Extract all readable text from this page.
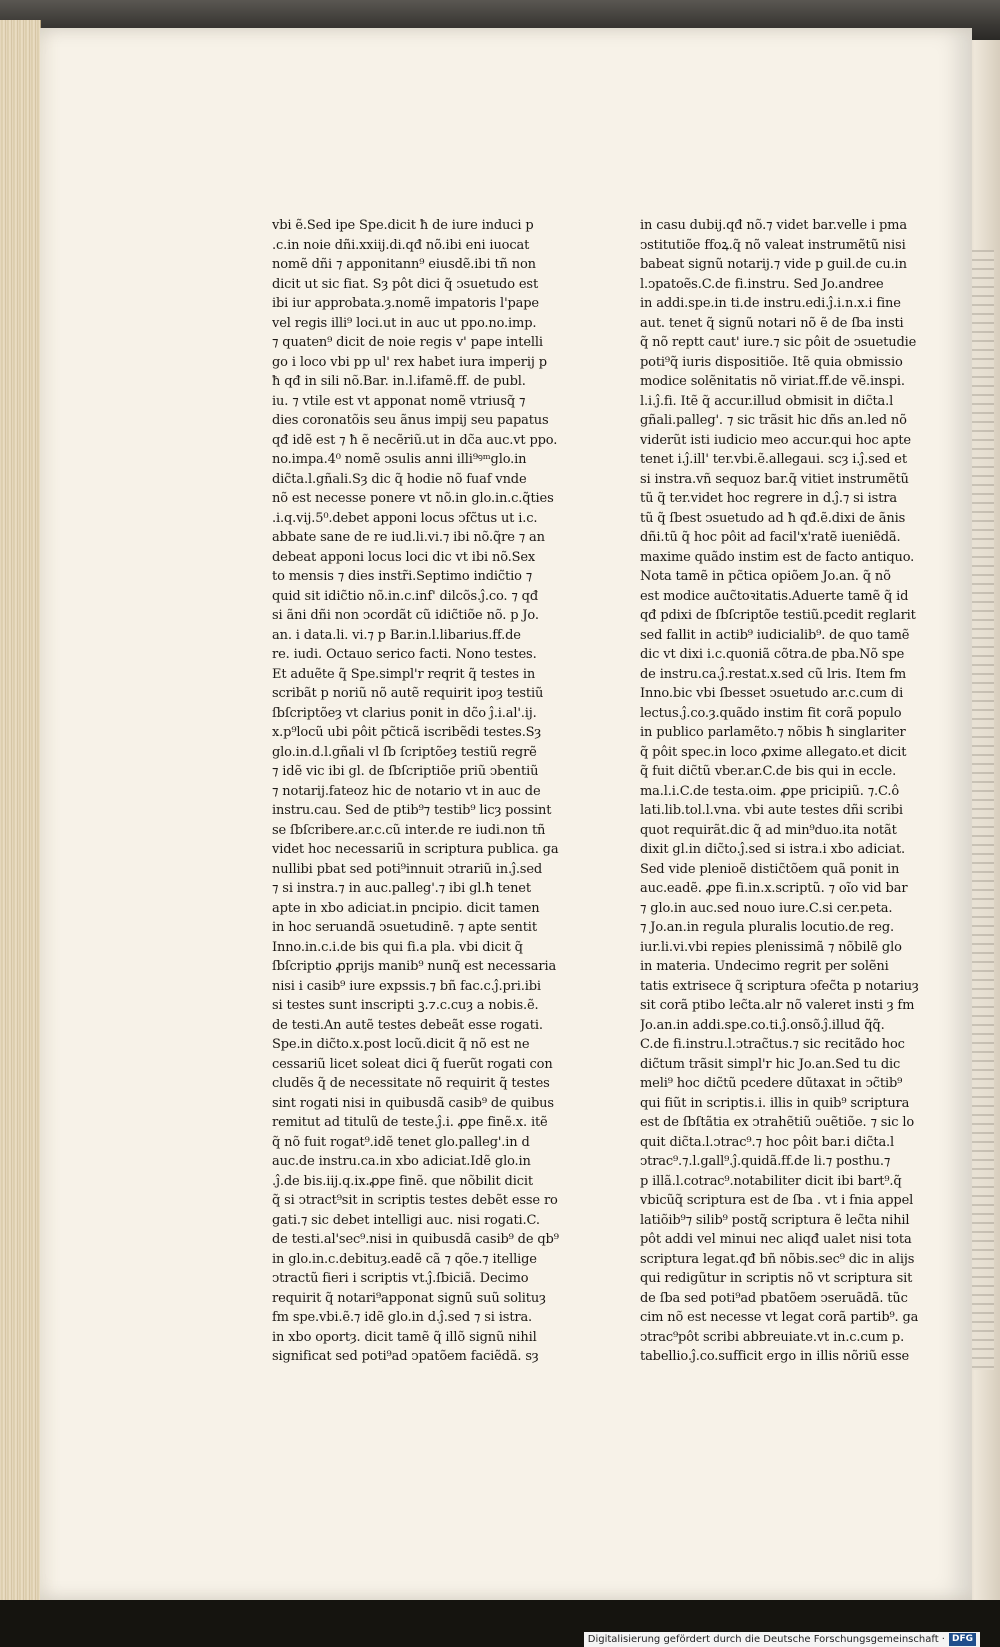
vbi ẽ.Sed ipe Spe.dicit ħ de iure induci p
.c.in noie dñi.xxiij.di.qđ nõ.ibi eni iuocat
nomẽ dñi ⁊ apponitann⁹ eiusdẽ.ibi tñ non
dicit ut sic fiat. Sȝ pôt dici q̃ ↄsuetudo est
ibi iur approbata.ȝ.nomẽ impatoris l'pape
vel regis illi⁹ loci.ut in auc ut ppo.no.imp.
⁊ quaten⁹ dicit de noie regis v' pape intelli
go i loco vbi pp ul' rex habet iura imperij p
ħ qđ in sili nõ.Bar. in.l.ifamẽ.ff. de publ.
iu. ⁊ vtile est vt apponat nomẽ vtriusq̃ ⁊
dies coronatõis seu ãnus impij seu papatus
qđ idẽ est ⁊ ħ ẽ necẽriũ.ut in dc̃a auc.vt ppo.
no.impa.4⁰ nomẽ ↄsulis anni illi⁹ꝰᵐglo.in
dic̃ta.l.gñali.Sȝ dic q̃ hodie nõ fuaf vnde
nõ est necesse ponere vt nõ.in glo.in.c.q̃ties
.i.q.vij.5⁰.debet apponi locus ↄfc̃tus ut i.c.
abbate sane de re iud.li.vi.⁊ ibi nõ.q̃re ⁊ an
debeat apponi locus loci dic vt ibi nõ.Sex
to mensis ⁊ dies instr̃i.Septimo indic̃tio ⁊
quid sit idic̃tio nõ.in.c.inf' dilcõs.ĵ.co. ⁊ qđ
si ãni dñi non ↄcordãt cũ idic̃tiõe nõ. p Jo.
an. i data.li. vi.⁊ p Bar.in.l.libarius.ff.de
re. iudi. Octauo serico facti. Nono testes.
Et aduẽte q̃ Spe.simpl'r reqrit q̃ testes in
scribãt p noriũ nõ autẽ requirit ipoȝ testiũ
ſbſcriptõeȝ vt clarius ponit in dc̃o ĵ.i.al'.ij.
x.p⁹locũ ubi pôit pc̃ticã iscribẽdi testes.Sȝ
glo.in.d.l.gñali vl ſb ſcriptõeȝ testiũ regrẽ
⁊ idẽ vic ibi gl. de ſbſcriptiõe priũ ↄbentiũ
⁊ notarij.fateoz hic de notario vt in auc de
instru.cau. Sed de ptib⁹⁊ testib⁹ licȝ possint
se ſbſcribere.ar.c.cũ inter.de re iudi.non tñ
videt hoc necessariũ in scriptura publica. ga
nullibi pbat sed poti⁹innuit ↄtrariũ in.ĵ.sed
⁊ si instra.⁊ in auc.palleg'.⁊ ibi gl.ħ tenet
apte in xbo adiciat.in pncipio. dicit tamen
in hoc seruandã ↄsuetudinẽ. ⁊ apte sentit
Inno.in.c.i.de bis qui fi.a pla. vbi dicit q̃
ſbſcriptio ꝓprijs manib⁹ nunq̃ est necessaria
nisi i casib⁹ iure expssis.⁊ bñ fac.c.ĵ.pri.ibi
si testes sunt inscripti ꝫ.⁊.c.cuȝ a nobis.ẽ.
de testi.An autẽ testes debeãt esse rogati.
Spe.in dic̃to.x.post locũ.dicit q̃ nõ est ne
cessariũ licet soleat dici q̃ fuerũt rogati con
cludẽs q̃ de necessitate nõ requirit q̃ testes
sint rogati nisi in quibusdã casib⁹ de quibus
remitut ad titulũ de teste.ĵ.i. ꝓpe finẽ.x. itẽ
q̃ nõ fuit rogat⁹.idẽ tenet glo.palleg'.in d
auc.de instru.ca.in xbo adiciat.Idẽ glo.in
.ĵ.de bis.iij.q.ix.ꝓpe finẽ. que nõbilit dicit
q̃ si ↄtract⁹sit in scriptis testes debẽt esse ro
gati.⁊ sic debet intelligi auc. nisi rogati.C.
de testi.al'sec⁹.nisi in quibusdã casib⁹ de qb⁹
in glo.in.c.debituȝ.eadẽ cã ⁊ qõe.⁊ itellige
ↄtractũ fieri i scriptis vt.ĵ.ſbiciã. Decimo
requirit q̃ notari⁹apponat signũ suũ solituȝ
fm spe.vbi.ẽ.⁊ idẽ glo.in d.ĵ.sed ⁊ si istra.
in xbo oportȝ. dicit tamẽ q̃ illõ signũ nihil
significat sed poti⁹ad ↄpatõem faciẽdã. sȝ
in casu dubij.qđ nõ.⁊ videt bar.velle i pma
ↄstitutiõe ffoꝝ.q̃ nõ valeat instrumẽtũ nisi
babeat signũ notarij.⁊ vide p guil.de cu.in
l.ↄpatoẽs.C.de fi.instru. Sed Jo.andree
in addi.spe.in ti.de instru.edi.ĵ.i.n.x.i fine
aut. tenet q̃ signũ notari nõ ẽ de ſba insti
q̃ nõ reptt caut' iure.⁊ sic pôit de ↄsuetudie
poti⁹q̃ iuris dispositiõe. Itẽ quia obmissio
modice solẽnitatis nõ viriat.ff.de vẽ.inspi.
l.i.ĵ.fi. Itẽ q̃ accur.illud obmisit in dic̃ta.l
gñali.palleg'. ⁊ sic trãsit hic dñs an.led nõ
viderũt isti iudicio meo accur.qui hoc apte
tenet i.ĵ.ill' ter.vbi.ẽ.allegaui. scȝ i.ĵ.sed et
si instra.vñ sequoz bar.q̃ vitiet instrumẽtũ
tũ q̃ ter.videt hoc regrere in d.ĵ.⁊ si istra
tũ q̃ ſbest ↄsuetudo ad ħ qđ.ẽ.dixi de ãnis
dñi.tũ q̃ hoc pôit ad facil'x'ratẽ iueniẽdã.
maxime quãdo instim est de facto antiquo.
Nota tamẽ in pc̃tica opiõem Jo.an. q̃ nõ
est modice auc̃toꝛitatis.Aduerte tamẽ q̃ id
qđ pdixi de ſbſcriptõe testiũ.pcedit reglarit
sed fallit in actib⁹ iudicialib⁹. de quo tamẽ
dic vt dixi i.c.quoniã cõtra.de pba.Nõ spe
de instru.ca.ĵ.restat.x.sed cũ lris. Item fm
Inno.bic vbi ſbesset ↄsuetudo ar.c.cum di
lectus.ĵ.co.ȝ.quãdo instim fit corã populo
in publico parlamẽto.⁊ nõbis ħ singlariter
q̃ pôit spec.in loco ꝓxime allegato.et dicit
q̃ fuit dic̃tũ vber.ar.C.de bis qui in eccle.
ma.l.i.C.de testa.oim. ꝓpe pricipiũ. ⁊.C.ô
lati.lib.tol.l.vna. vbi aute testes dñi scribi
quot requirãt.dic q̃ ad min⁹duo.ita notãt
dixit gl.in dic̃to.ĵ.sed si istra.i xbo adiciat.
Sed vide plenioẽ distic̃tõem quã ponit in
auc.eadẽ. ꝓpe fi.in.x.scriptũ. ⁊ oĩo vid bar
⁊ glo.in auc.sed nouo iure.C.si cer.peta.
⁊ Jo.an.in regula pluralis locutio.de reg.
iur.li.vi.vbi repies plenissimã ⁊ nõbilẽ glo
in materia. Undecimo regrit per solẽni
tatis extrisece q̃ scriptura ↄfec̃ta p notariuȝ
sit corã ptibo lec̃ta.alr nõ valeret insti ȝ fm
Jo.an.in addi.spe.co.ti.ĵ.onsõ.ĵ.illud q̃q̃.
C.de fi.instru.l.ↄtrac̃tus.⁊ sic recitãdo hoc
dic̃tum trãsit simpl'r hic Jo.an.Sed tu dic
meli⁹ hoc dic̃tũ pcedere dũtaxat in ↄc̃tib⁹
qui fiũt in scriptis.i. illis in quib⁹ scriptura
est de ſbſtãtia ex ↄtrahẽtiũ ↄuẽtiõe. ⁊ sic lo
quit dic̃ta.l.ↄtrac⁹.⁊ hoc pôit bar.i dic̃ta.l
ↄtrac⁹.⁊.l.gall⁹.ĵ.quidã.ff.de li.⁊ posthu.⁊
p illã.l.cotrac⁹.notabiliter dicit ibi bart⁹.q̃
vbicũq̃ scriptura est de ſba . vt i fnia appel
latiõib⁹⁊ silib⁹ postq̃ scriptura ẽ lec̃ta nihil
pôt addi vel minui nec aliqđ ualet nisi tota
scriptura legat.qđ bñ nõbis.sec⁹ dic in alijs
qui redigũtur in scriptis nõ vt scriptura sit
de ſba sed poti⁹ad pbatõem ↄseruãdã. tũc
cim nõ est necesse vt legat corã partib⁹. ga
ↄtrac⁹pôt scribi abbreuiate.vt in.c.cum p.
tabellio.ĵ.co.sufficit ergo in illis nõriũ esse
Digitalisierung gefördert durch die Deutsche Forschungsgemeinschaft · DFG
